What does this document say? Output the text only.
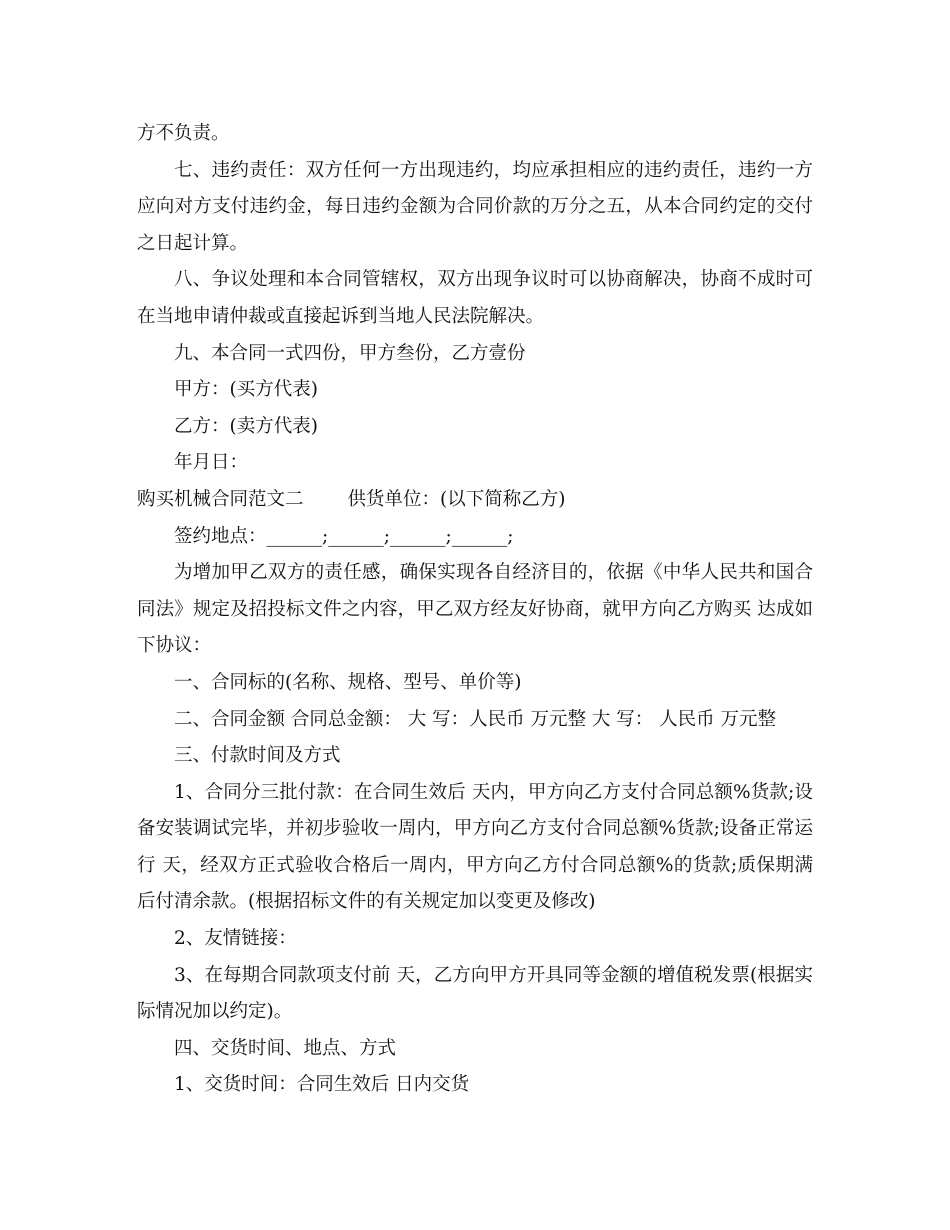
方不负责。

七、违约责任：双方任何一方出现违约，均应承担相应的违约责任，违约一方应向对方支付违约金，每日违约金额为合同价款的万分之五，从本合同约定的交付之日起计算。

八、争议处理和本合同管辖权，双方出现争议时可以协商解决，协商不成时可在当地申请仲裁或直接起诉到当地人民法院解决。

九、本合同一式四份，甲方叁份，乙方壹份

甲方：(买方代表)

乙方：(卖方代表)

年月日：

购买机械合同范文二 供货单位：(以下简称乙方)

签约地点：______;______;______;______;

为增加甲乙双方的责任感，确保实现各自经济目的，依据《中华人民共和国合同法》规定及招投标文件之内容，甲乙双方经友好协商，就甲方向乙方购买 达成如下协议：

一、合同标的(名称、规格、型号、单价等)

二、合同金额 合同总金额： 大 写：人民币 万元整 大 写： 人民币 万元整

三、付款时间及方式

1、合同分三批付款：在合同生效后 天内，甲方向乙方支付合同总额%货款;设备安装调试完毕，并初步验收一周内，甲方向乙方支付合同总额%货款;设备正常运行 天，经双方正式验收合格后一周内，甲方向乙方付合同总额%的货款;质保期满后付清余款。(根据招标文件的有关规定加以变更及修改)

2、友情链接：

3、在每期合同款项支付前 天，乙方向甲方开具同等金额的增值税发票(根据实际情况加以约定)。

四、交货时间、地点、方式

1、交货时间：合同生效后 日内交货
